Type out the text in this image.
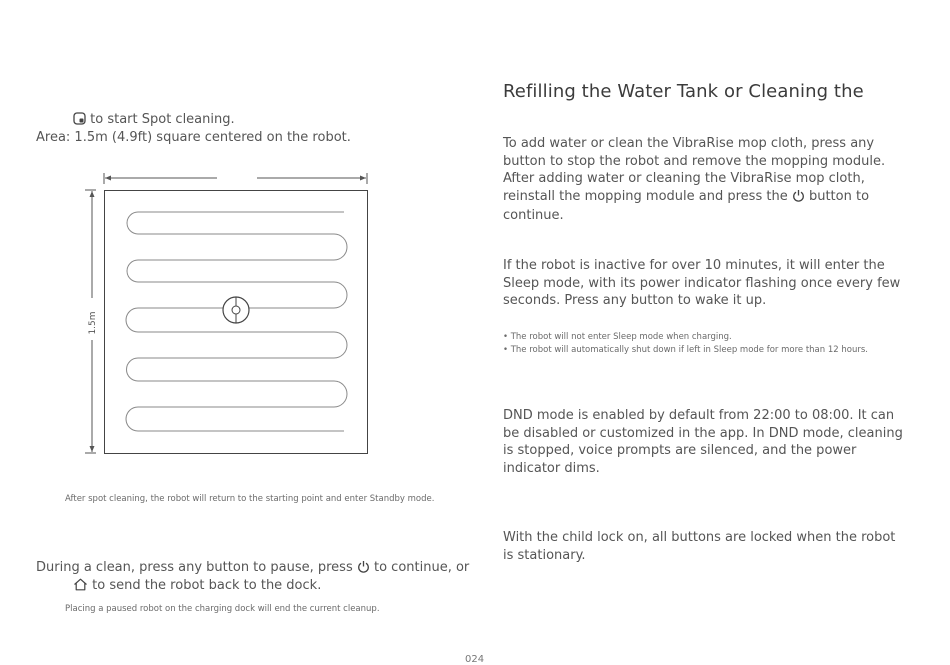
to start Spot cleaning.
Area: 1.5m (4.9ft) square centered on the robot.
1.5m
After spot cleaning, the robot will return to the starting point and enter Standby mode.
During a clean, press any button to pause, press to continue, or
to send the robot back to the dock.
Placing a paused robot on the charging dock will end the current cleanup.
Refilling the Water Tank or Cleaning the
To add water or clean the VibraRise mop cloth, press any button to stop the robot and remove the mopping module. After adding water or cleaning the VibraRise mop cloth, reinstall the mopping module and press the button to continue.
If the robot is inactive for over 10 minutes, it will enter the Sleep mode, with its power indicator flashing once every few seconds. Press any button to wake it up.
• The robot will not enter Sleep mode when charging.
• The robot will automatically shut down if left in Sleep mode for more than 12 hours.
DND mode is enabled by default from 22:00 to 08:00. It can be disabled or customized in the app. In DND mode, cleaning is stopped, voice prompts are silenced, and the power indicator dims.
With the child lock on, all buttons are locked when the robot is stationary.
024
